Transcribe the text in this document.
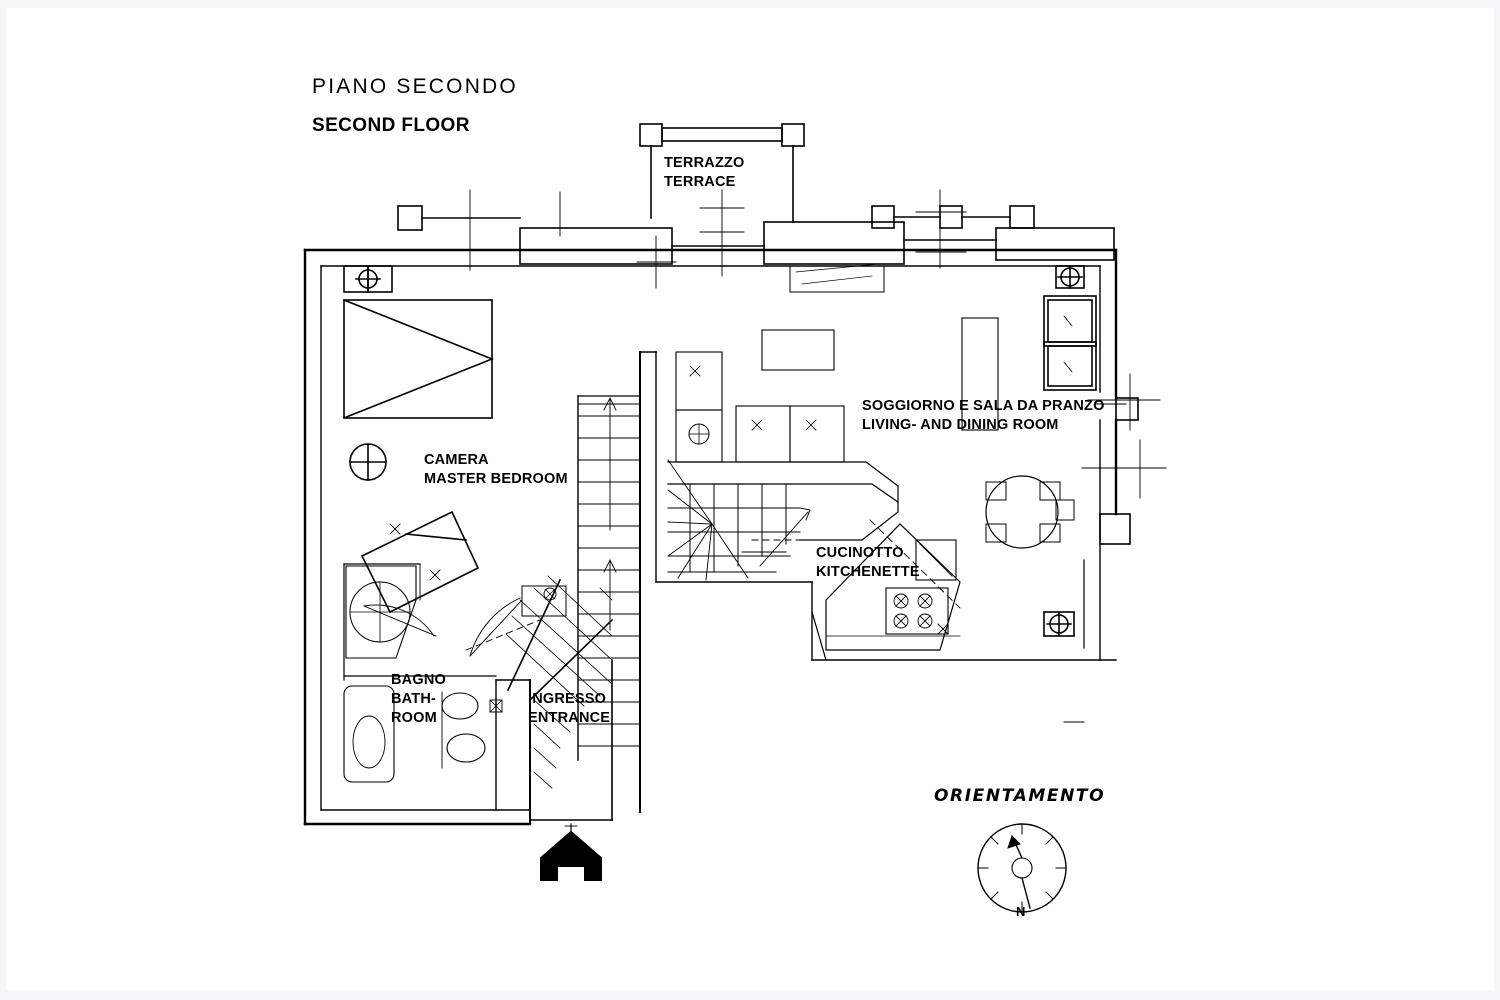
PIANO SECONDO
SECOND FLOOR
TERRAZZO
TERRACE
CAMERA
MASTER BEDROOM
SOGGIORNO E SALA DA PRANZO
LIVING- AND DINING ROOM
CUCINOTTO
KITCHENETTE
BAGNO
BATH-
ROOM
INGRESSO
ENTRANCE
ORIENTAMENTO
N
